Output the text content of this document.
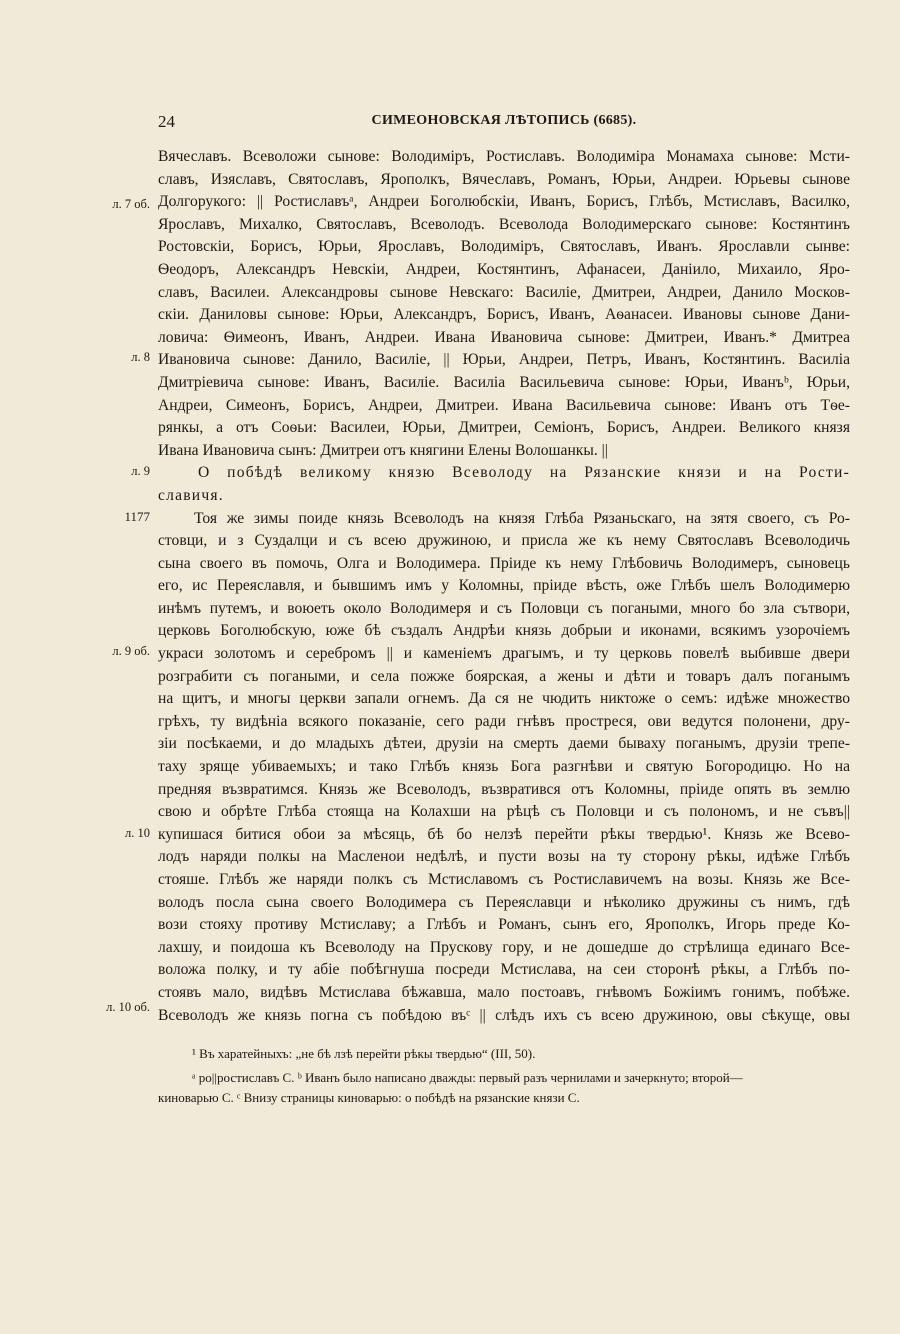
24	СИМЕОНОВСКАЯ ЛѢТОПИСЬ (6685).
Вячеславъ. Всеволожи сынове: Володимiръ, Ростиславъ. Володимiра Монамаха сынове: Мсти-
славъ, Изяславъ, Святославъ, Ярополкъ, Вячеславъ, Романъ, Юрьи, Андреи. Юрьевы сынове
Долгорукого: || Ростиславъᵃ, Андреи Боголюбскiи, Иванъ, Борисъ, Глѣбъ, Мстиславъ, Василко,
Ярославъ, Михалко, Святославъ, Всеволодъ. Всеволода Володимерскаго сынове: Костянтинъ
Ростовскiи, Борисъ, Юрьи, Ярославъ, Володимiръ, Святославъ, Иванъ. Ярославли сынве:
Ѳеодоръ, Александръ Невскiи, Андреи, Костянтинъ, Афанасеи, Данiило, Михаило, Яро-
славъ, Василеи. Александровы сынове Невскаго: Василiе, Дмитреи, Андреи, Данило Москов-
скiи. Даниловы сынове: Юрьи, Александръ, Борисъ, Иванъ, Аѳанасеи. Ивановы сынове Дани-
ловича: Ѳимеонъ, Иванъ, Андреи. Ивана Ивановича сынове: Дмитреи, Иванъ.* Дмитреа
Ивановича сынове: Данило, Василiе, || Юрьи, Андреи, Петръ, Иванъ, Костянтинъ. Василiа
Дмитрiевича сынове: Иванъ, Василiе. Василiа Васильевича сынове: Юрьи, Иванъᵇ, Юрьи,
Андреи, Симеонъ, Борисъ, Андреи, Дмитреи. Ивана Васильевича сынове: Иванъ отъ Тѳе-
рянкы, а отъ Соѳьи: Василеи, Юрьи, Дмитреи, Семiонъ, Борисъ, Андреи. Великого князя
Ивана Ивановича сынъ: Дмитреи отъ княгини Елены Волошанкы. ||
О побѣдѣ великому князю Всеволоду на Рязанские князи и на Рости-
славичя.
Тоя же зимы поиде князь Всеволодъ на князя Глѣба Рязаньскаго, на зятя своего, съ Ро-
стовци, и з Суздалци и съ всею дружиною, и присла же къ нему Святославъ Всеволодичь
сына своего въ помочь, Олга и Володимера. Прiиде къ нему Глѣбовичь Володимеръ, сыновець
его, ис Переяславля, и бывшимъ имъ у Коломны, прiиде вѣсть, оже Глѣбъ шелъ Володимерю
инѣмъ путемъ, и воюеть около Володимеря и съ Половци съ погаными, много бо зла сътвори,
церковь Боголюбскую, юже бѣ създалъ Андрѣи князь добрыи и иконами, всякимъ узорочiемъ
украси золотомъ и серебромъ || и каменiемъ драгымъ, и ту церковь повелѣ выбивше двери
розграбити съ погаными, и села пожже боярская, а жены и дѣти и товаръ далъ поганымъ
на щитъ, и многы церкви запали огнемъ. Да ся не чюдить никтоже о семъ: идѣже множество
грѣхъ, ту видѣнiа всякого показанiе, сего ради гнѣвъ простреся, ови ведутся полонени, дру-
зiи посѣкаеми, и до младыхъ дѣтеи, друзiи на смерть даеми бываху поганымъ, друзiи трепе-
таху зряще убиваемыхъ; и тако Глѣбъ князь Бога разгнѣви и святую Богородицю. Но на
предняя възвратимся. Князь же Всеволодъ, възвратився отъ Коломны, прiиде опять въ землю
свою и обрѣте Глѣба стояща на Колахши на рѣцѣ съ Половци и съ полономъ, и не съвъ||
купишася битися обои за мѣсяць, бѣ бо нелзѣ перейти рѣкы твердью¹. Князь же Всево-
лодъ наряди полкы на Масленои недѣлѣ, и пусти возы на ту сторону рѣкы, идѣже Глѣбъ
стояше. Глѣбъ же наряди полкъ съ Мстиславомъ съ Ростиславичемъ на возы. Князь же Все-
володъ посла сына своего Володимера съ Переяславци и нѣколико дружины съ нимъ, гдѣ
вози стояху противу Мстиславу; а Глѣбъ и Романъ, сынъ его, Ярополкъ, Игорь преде Ко-
лахшу, и поидоша къ Всеволоду на Прускову гору, и не дошедше до стрѣлища единаго Все-
воложа полку, и ту абiе побѣгнуша посреди Мстислава, на сеи сторонѣ рѣкы, а Глѣбъ по-
стоявъ мало, видѣвъ Мстислава бѣжавша, мало постоавъ, гнѣвомъ Божiимъ гонимъ, побѣже.
Всеволодъ же князь погна съ побѣдою въᶜ || слѣдъ ихъ съ всею дружиною, овы сѣкуще, овы
л. 7 об.
л. 8
л. 9
1177
л. 9 об.
л. 10
л. 10 об.
¹ Въ харатейныхъ: „не бѣ лзѣ перейти рѣкы твердью“ (III, 50).
ᵃ ро||ростиславъ С. ᵇ Иванъ было написано дважды: первый разъ чернилами и зачеркнуто; второй—
киноварью С. ᶜ Внизу страницы киноварью: о побѣдѣ на рязанские князи С.
